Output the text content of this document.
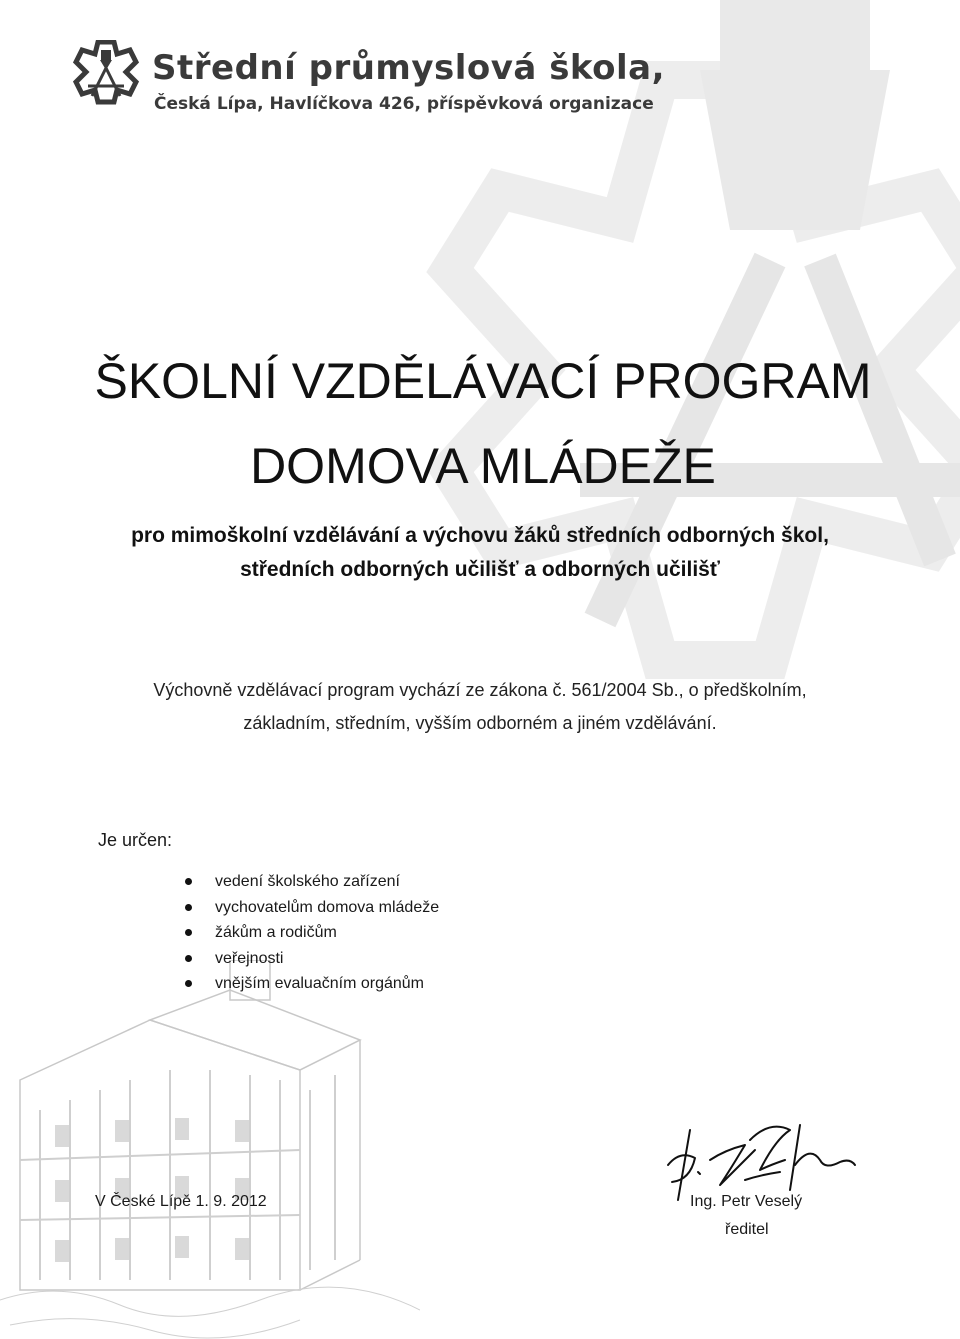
Střední průmyslová škola,

Česká Lípa, Havlíčkova 426, příspěvková organizace

ŠKOLNÍ VZDĚLÁVACÍ PROGRAM
DOMOVA MLÁDEŽE

pro mimoškolní vzdělávání a výchovu žáků středních odborných škol,

středních odborných učilišť a odborných učilišť

Výchovně vzdělávací program vychází ze zákona č. 561/2004 Sb., o předškolním,

základním, středním, vyšším odborném a jiném vzdělávání.

Je určen:

vedení školského zařízení
vychovatelům domova mládeže
žákům a rodičům
veřejnosti
vnějším evaluačním orgánům

V České Lípě 1. 9. 2012	Ing. Petr Veselý

ředitel
